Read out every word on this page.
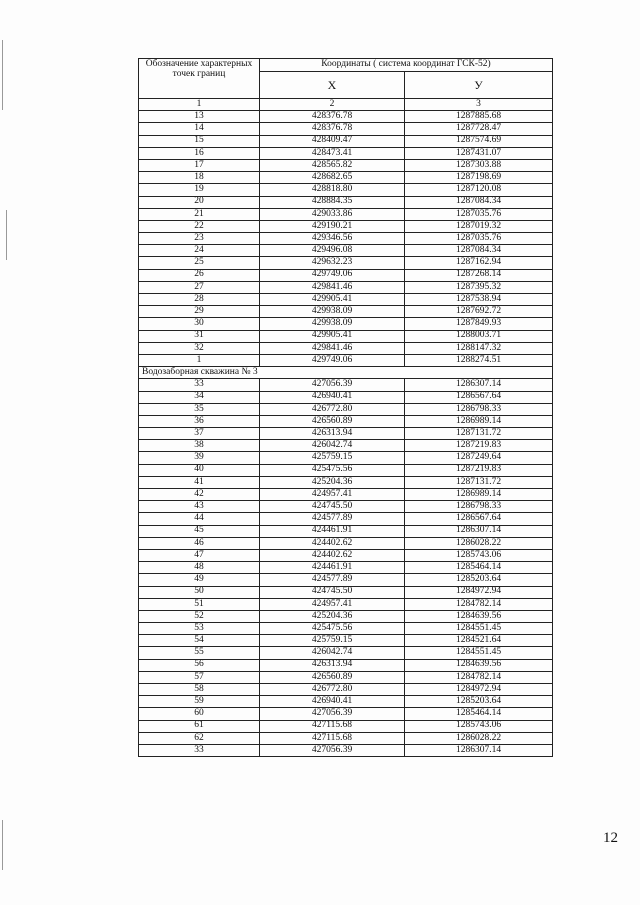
Обозначение характерных точек границ	Координаты ( система координат ГСК-52)	
	X	У
1	2	3
13	428376.78	1287885.68
14	428376.78	1287728.47
15	428409.47	1287574.69
16	428473.41	1287431.07
17	428565.82	1287303.88
18	428682.65	1287198.69
19	428818.80	1287120.08
20	428884.35	1287084.34
21	429033.86	1287035.76
22	429190.21	1287019.32
23	429346.56	1287035.76
24	429496.08	1287084.34
25	429632.23	1287162.94
26	429749.06	1287268.14
27	429841.46	1287395.32
28	429905.41	1287538.94
29	429938.09	1287692.72
30	429938.09	1287849.93
31	429905.41	1288003.71
32	429841.46	1288147.32
1	429749.06	1288274.51
Водозаборная скважина № 3		
33	427056.39	1286307.14
34	426940.41	1286567.64
35	426772.80	1286798.33
36	426560.89	1286989.14
37	426313.94	1287131.72
38	426042.74	1287219.83
39	425759.15	1287249.64
40	425475.56	1287219.83
41	425204.36	1287131.72
42	424957.41	1286989.14
43	424745.50	1286798.33
44	424577.89	1286567.64
45	424461.91	1286307.14
46	424402.62	1286028.22
47	424402.62	1285743.06
48	424461.91	1285464.14
49	424577.89	1285203.64
50	424745.50	1284972.94
51	424957.41	1284782.14
52	425204.36	1284639.56
53	425475.56	1284551.45
54	425759.15	1284521.64
55	426042.74	1284551.45
56	426313.94	1284639.56
57	426560.89	1284782.14
58	426772.80	1284972.94
59	426940.41	1285203.64
60	427056.39	1285464.14
61	427115.68	1285743.06
62	427115.68	1286028.22
33	427056.39	1286307.14
12
